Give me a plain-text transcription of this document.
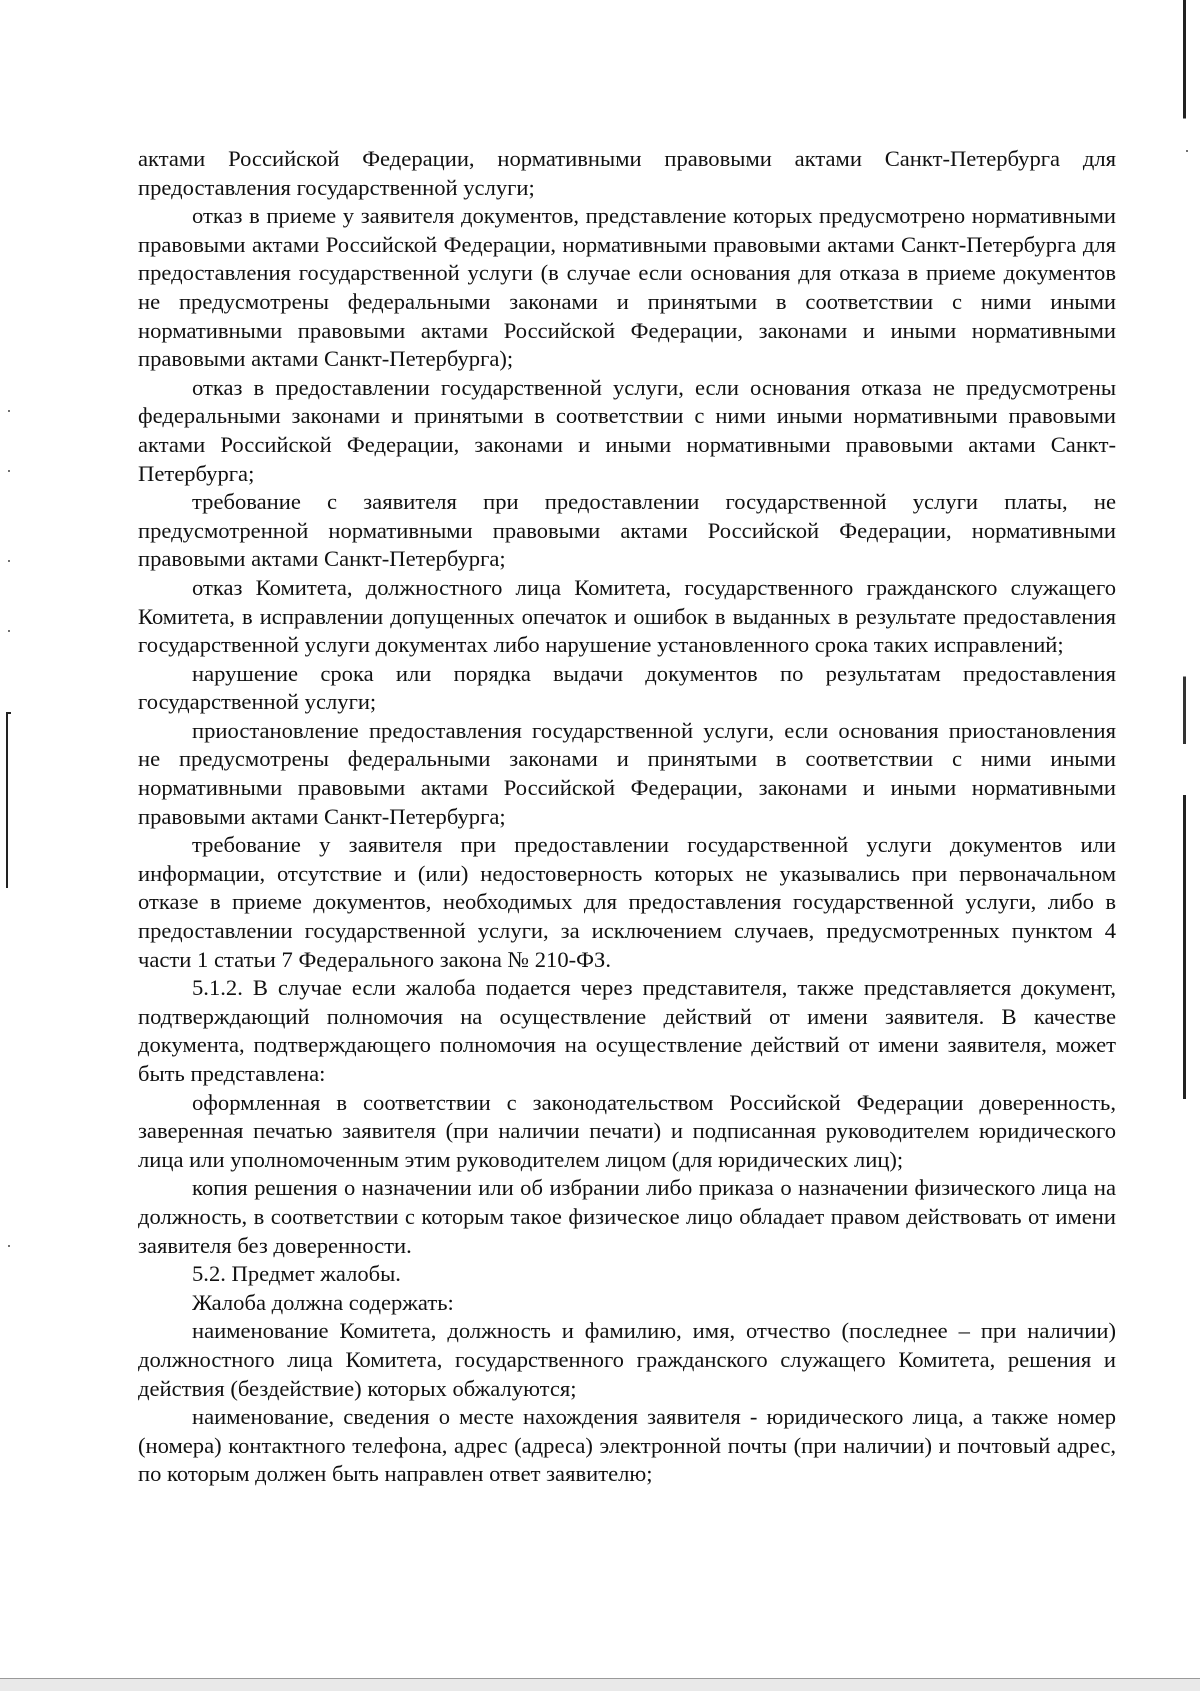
актами Российской Федерации, нормативными правовыми актами Санкт-Петербурга для предоставления государственной услуги;

отказ в приеме у заявителя документов, представление которых предусмотрено нормативными правовыми актами Российской Федерации, нормативными правовыми актами Санкт-Петербурга для предоставления государственной услуги (в случае если основания для отказа в приеме документов не предусмотрены федеральными законами и принятыми в соответствии с ними иными нормативными правовыми актами Российской Федерации, законами и иными нормативными правовыми актами Санкт-Петербурга);

отказ в предоставлении государственной услуги, если основания отказа не предусмотрены федеральными законами и принятыми в соответствии с ними иными нормативными правовыми актами Российской Федерации, законами и иными нормативными правовыми актами Санкт-Петербурга;

требование с заявителя при предоставлении государственной услуги платы, не предусмотренной нормативными правовыми актами Российской Федерации, нормативными правовыми актами Санкт-Петербурга;

отказ Комитета, должностного лица Комитета, государственного гражданского служащего Комитета, в исправлении допущенных опечаток и ошибок в выданных в результате предоставления государственной услуги документах либо нарушение установленного срока таких исправлений;

нарушение срока или порядка выдачи документов по результатам предоставления государственной услуги;

приостановление предоставления государственной услуги, если основания приостановления не предусмотрены федеральными законами и принятыми в соответствии с ними иными нормативными правовыми актами Российской Федерации, законами и иными нормативными правовыми актами Санкт-Петербурга;

требование у заявителя при предоставлении государственной услуги документов или информации, отсутствие и (или) недостоверность которых не указывались при первоначальном отказе в приеме документов, необходимых для предоставления государственной услуги, либо в предоставлении государственной услуги, за исключением случаев, предусмотренных пунктом 4 части 1 статьи 7 Федерального закона № 210-ФЗ.

5.1.2. В случае если жалоба подается через представителя, также представляется документ, подтверждающий полномочия на осуществление действий от имени заявителя. В качестве документа, подтверждающего полномочия на осуществление действий от имени заявителя, может быть представлена:

оформленная в соответствии с законодательством Российской Федерации доверенность, заверенная печатью заявителя (при наличии печати) и подписанная руководителем юридического лица или уполномоченным этим руководителем лицом (для юридических лиц);

копия решения о назначении или об избрании либо приказа о назначении физического лица на должность, в соответствии с которым такое физическое лицо обладает правом действовать от имени заявителя без доверенности.

5.2. Предмет жалобы.

Жалоба должна содержать:

наименование Комитета, должность и фамилию, имя, отчество (последнее – при наличии) должностного лица Комитета, государственного гражданского служащего Комитета, решения и действия (бездействие) которых обжалуются;

наименование, сведения о месте нахождения заявителя - юридического лица, а также номер (номера) контактного телефона, адрес (адреса) электронной почты (при наличии) и почтовый адрес, по которым должен быть направлен ответ заявителю;
